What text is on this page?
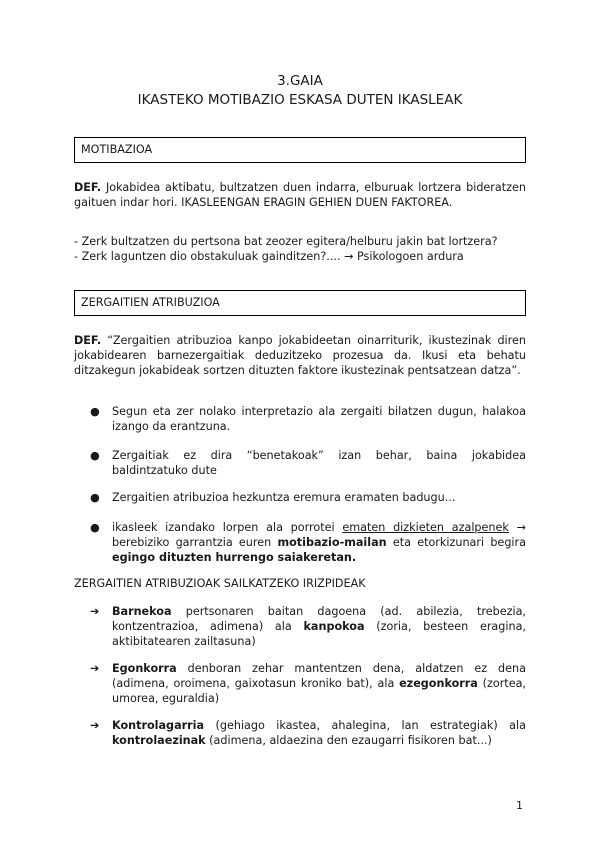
3.GAIA
IKASTEKO MOTIBAZIO ESKASA DUTEN IKASLEAK
MOTIBAZIOA
DEF. Jokabidea aktibatu, bultzatzen duen indarra, elburuak lortzera bideratzen gaituen indar hori. IKASLEENGAN ERAGIN GEHIEN DUEN FAKTOREA.
- Zerk bultzatzen du pertsona bat zeozer egitera/helburu jakin bat lortzera?
- Zerk laguntzen dio obstakuluak gainditzen?.... → Psikologoen ardura
ZERGAITIEN ATRIBUZIOA
DEF. “Zergaitien atribuzioa kanpo jokabideetan oinarriturik, ikustezinak diren jokabidearen barnezergaitiak deduzitzeko prozesua da. Ikusi eta behatu ditzakegun jokabideak sortzen dituzten faktore ikustezinak pentsatzean datza”.
● Segun eta zer nolako interpretazio ala zergaiti bilatzen dugun, halakoa izango da erantzuna.
● Zergaitiak ez dira “benetakoak” izan behar, baina jokabidea baldintzatuko dute
● Zergaitien atribuzioa hezkuntza eremura eramaten badugu...
● ikasleek izandako lorpen ala porrotei ematen dizkieten azalpenek → berebiziko garrantzia euren motibazio-mailan eta etorkizunari begira egingo dituzten hurrengo saiakeretan.
ZERGAITIEN ATRIBUZIOAK SAILKATZEKO IRIZPIDEAK
➔ Barnekoa pertsonaren baitan dagoena (ad. abilezia, trebezia, kontzentrazioa, adimena) ala kanpokoa (zoria, besteen eragina, aktibitatearen zailtasuna)
➔ Egonkorra denboran zehar mantentzen dena, aldatzen ez dena (adimena, oroimena, gaixotasun kroniko bat), ala ezegonkorra (zortea, umorea, eguraldia)
➔ Kontrolagarria (gehiago ikastea, ahalegina, lan estrategiak) ala kontrolaezinak (adimena, aldaezina den ezaugarri fisikoren bat...)
1
